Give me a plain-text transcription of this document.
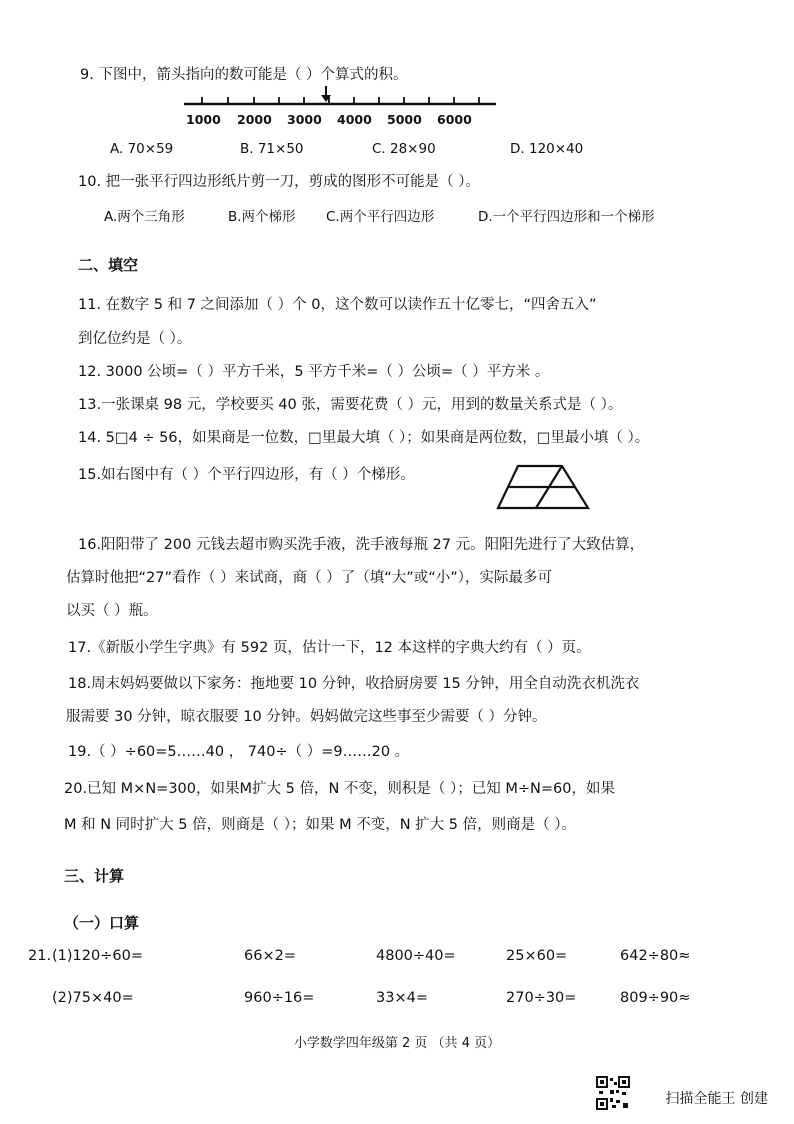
9. 下图中，箭头指向的数可能是（ ）个算式的积。
1000 2000 3000 4000 5000 6000
A. 70×59	B. 71×50	C. 28×90	D. 120×40
10. 把一张平行四边形纸片剪一刀，剪成的图形不可能是（ ）。
A.两个三角形	B.两个梯形 C.两个平行四边形	D.一个平行四边形和一个梯形
二、填空
11. 在数字 5 和 7 之间添加（ ）个 0，这个数可以读作五十亿零七，“四舍五入”
到亿位约是（ ）。
12. 3000 公顷=（ ）平方千米，5 平方千米=（ ）公顷=（ ）平方米 。
13.一张课桌 98 元，学校要买 40 张，需要花费（ ）元，用到的数量关系式是（ ）。
14. 5□4 ÷ 56，如果商是一位数，□里最大填（ ）；如果商是两位数，□里最小填（ ）。
15.如右图中有（ ）个平行四边形，有（ ）个梯形。
16.阳阳带了 200 元钱去超市购买洗手液，洗手液每瓶 27 元。阳阳先进行了大致估算，
估算时他把“27”看作（ ）来试商，商（ ）了（填“大”或“小”），实际最多可
以买（ ）瓶。
17.《新版小学生字典》有 592 页，估计一下，12 本这样的字典大约有（ ）页。
18.周末妈妈要做以下家务：拖地要 10 分钟，收拾厨房要 15 分钟，用全自动洗衣机洗衣
服需要 30 分钟，晾衣服要 10 分钟。妈妈做完这些事至少需要（ ）分钟。
19.（ ）÷60=5……40 ， 740÷（ ）=9……20 。
20.已知 M×N=300，如果M扩大 5 倍，N 不变，则积是（ ）；已知 M÷N=60，如果
M 和 N 同时扩大 5 倍，则商是（ ）；如果 M 不变，N 扩大 5 倍，则商是（ ）。
三、计算
（一）口算
21. (1)120÷60=	66×2=	4800÷40=	25×60=	642÷80≈
(2)75×40=	960÷16=	33×4=	270÷30=	809÷90≈
小学数学四年级第 2 页 （共 4 页）
扫描全能王 创建
